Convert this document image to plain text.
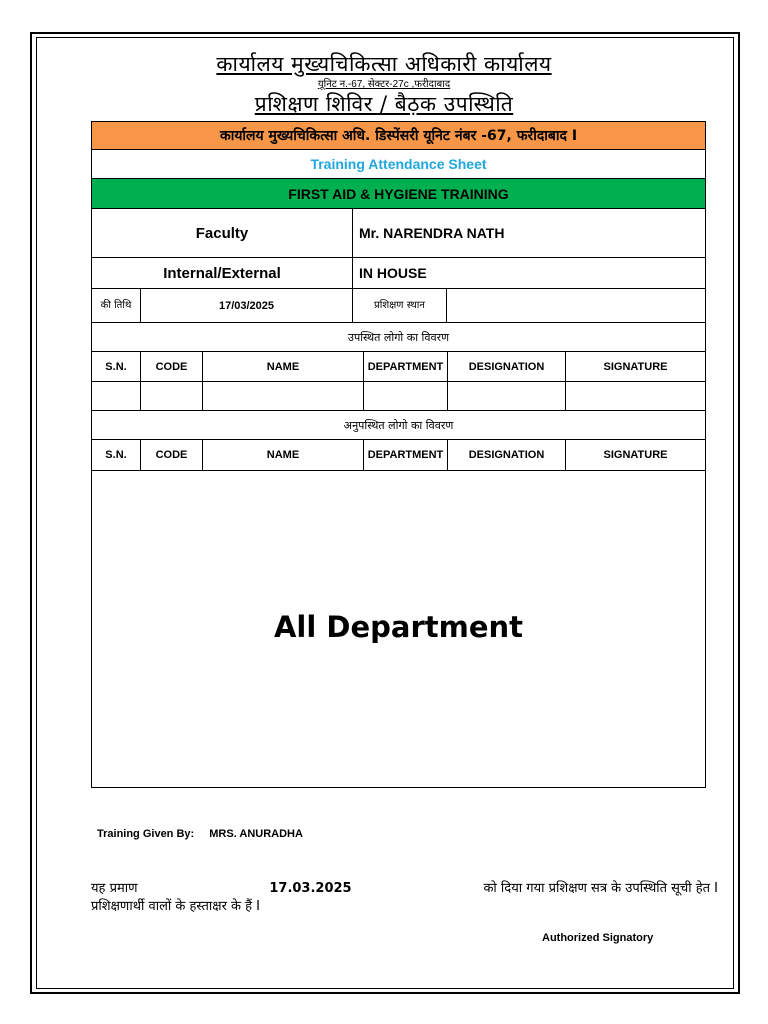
कार्यालय मुख्यचिकित्सा अधिकारी कार्यालय
यूनिट न.-67, सेक्टर-27c ,फरीदाबाद
प्रशिक्षण शिविर / बैठ़क उपस्थिति
कार्यालय मुख्यचिकित्सा अधि. डिस्पेंसरी यूनिट नंबर -67, फरीदाबाद I
Training Attendance Sheet
FIRST AID & HYGIENE TRAINING
Faculty	Mr. NARENDRA NATH
Internal/External	IN HOUSE
की तिथि	17/03/2025	प्रशिक्षण स्थान
उपस्थित लोगो का विवरण
S.N.	CODE	NAME	DEPARTMENT	DESIGNATION	SIGNATURE
अनुपस्थित लोगो का विवरण
S.N.	CODE	NAME	DEPARTMENT	DESIGNATION	SIGNATURE
All Department
Training Given By: MRS. ANURADHA
यह प्रमाण	17.03.2025	को दिया गया प्रशिक्षण सत्र के उपस्थिति सूची हेत I
प्रशिक्षणार्थी वालों के हस्ताक्षर के हैं I
Authorized Signatory
